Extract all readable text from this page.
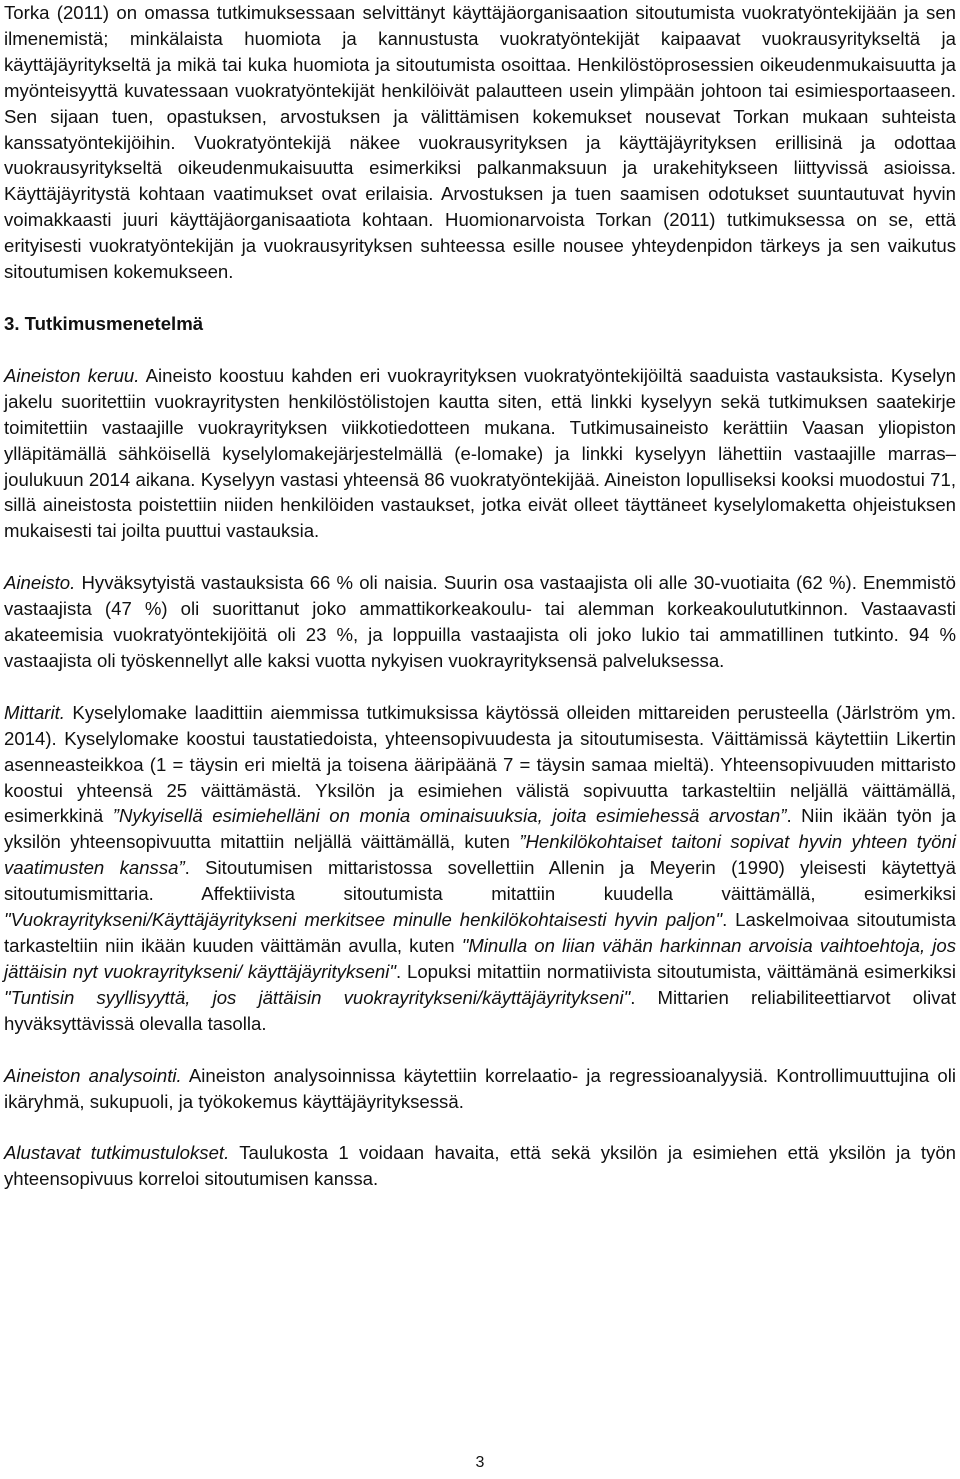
Torka (2011) on omassa tutkimuksessaan selvittänyt käyttäjäorganisaation sitoutumista vuokratyöntekijään ja sen ilmenemistä; minkälaista huomiota ja kannustusta vuokratyöntekijät kaipaavat vuokrausyritykseltä ja käyttäjäyritykseltä ja mikä tai kuka huomiota ja sitoutumista osoittaa. Henkilöstöprosessien oikeudenmukaisuutta ja myönteisyyttä kuvatessaan vuokratyöntekijät henkilöivät palautteen usein ylimpään johtoon tai esimiesportaaseen. Sen sijaan tuen, opastuksen, arvostuksen ja välittämisen kokemukset nousevat Torkan mukaan suhteista kanssatyöntekijöihin. Vuokratyöntekijä näkee vuokrausyrityksen ja käyttäjäyrityksen erillisinä ja odottaa vuokrausyritykseltä oikeudenmukaisuutta esimerkiksi palkanmaksuun ja urakehitykseen liittyvissä asioissa. Käyttäjäyritystä kohtaan vaatimukset ovat erilaisia. Arvostuksen ja tuen saamisen odotukset suuntautuvat hyvin voimakkaasti juuri käyttäjäorganisaatiota kohtaan. Huomionarvoista Torkan (2011) tutkimuksessa on se, että erityisesti vuokratyöntekijän ja vuokrausyrityksen suhteessa esille nousee yhteydenpidon tärkeys ja sen vaikutus sitoutumisen kokemukseen.

3. Tutkimusmenetelmä

Aineiston keruu. Aineisto koostuu kahden eri vuokrayrityksen vuokratyöntekijöiltä saaduista vastauksista. Kyselyn jakelu suoritettiin vuokrayritysten henkilöstölistojen kautta siten, että linkki kyselyyn sekä tutkimuksen saatekirje toimitettiin vastaajille vuokrayrityksen viikkotiedotteen mukana. Tutkimusaineisto kerättiin Vaasan yliopiston ylläpitämällä sähköisellä kyselylomakejärjestelmällä (e-lomake) ja linkki kyselyyn lähettiin vastaajille marras–joulukuun 2014 aikana. Kyselyyn vastasi yhteensä 86 vuokratyöntekijää. Aineiston lopulliseksi kooksi muodostui 71, sillä aineistosta poistettiin niiden henkilöiden vastaukset, jotka eivät olleet täyttäneet kyselylomaketta ohjeistuksen mukaisesti tai joilta puuttui vastauksia.

Aineisto. Hyväksytyistä vastauksista 66 % oli naisia. Suurin osa vastaajista oli alle 30-vuotiaita (62 %). Enemmistö vastaajista (47 %) oli suorittanut joko ammattikorkeakoulu- tai alemman korkeakoulututkinnon. Vastaavasti akateemisia vuokratyöntekijöitä oli 23 %, ja loppuilla vastaajista oli joko lukio tai ammatillinen tutkinto. 94 % vastaajista oli työskennellyt alle kaksi vuotta nykyisen vuokrayrityksensä palveluksessa.

Mittarit. Kyselylomake laadittiin aiemmissa tutkimuksissa käytössä olleiden mittareiden perusteella (Järlström ym. 2014). Kyselylomake koostui taustatiedoista, yhteensopivuudesta ja sitoutumisesta. Väittämissä käytettiin Likertin asenneasteikkoa (1 = täysin eri mieltä ja toisena ääripäänä 7 = täysin samaa mieltä). Yhteensopivuuden mittaristo koostui yhteensä 25 väittämästä. Yksilön ja esimiehen välistä sopivuutta tarkasteltiin neljällä väittämällä, esimerkkinä ”Nykyisellä esimiehelläni on monia ominaisuuksia, joita esimiehessä arvostan”. Niin ikään työn ja yksilön yhteensopivuutta mitattiin neljällä väittämällä, kuten ”Henkilökohtaiset taitoni sopivat hyvin yhteen työni vaatimusten kanssa”. Sitoutumisen mittaristossa sovellettiin Allenin ja Meyerin (1990) yleisesti käytettyä sitoutumismittaria. Affektiivista sitoutumista mitattiin kuudella väittämällä, esimerkiksi "Vuokrayritykseni/Käyttäjäyritykseni merkitsee minulle henkilökohtaisesti hyvin paljon". Laskelmoivaa sitoutumista tarkasteltiin niin ikään kuuden väittämän avulla, kuten "Minulla on liian vähän harkinnan arvoisia vaihtoehtoja, jos jättäisin nyt vuokrayritykseni/ käyttäjäyritykseni". Lopuksi mitattiin normatiivista sitoutumista, väittämänä esimerkiksi "Tuntisin syyllisyyttä, jos jättäisin vuokrayritykseni/käyttäjäyritykseni". Mittarien reliabiliteettiarvot olivat hyväksyttävissä olevalla tasolla.

Aineiston analysointi. Aineiston analysoinnissa käytettiin korrelaatio- ja regressioanalyysiä. Kontrollimuuttujina oli ikäryhmä, sukupuoli, ja työkokemus käyttäjäyrityksessä.

Alustavat tutkimustulokset. Taulukosta 1 voidaan havaita, että sekä yksilön ja esimiehen että yksilön ja työn yhteensopivuus korreloi sitoutumisen kanssa.

3
